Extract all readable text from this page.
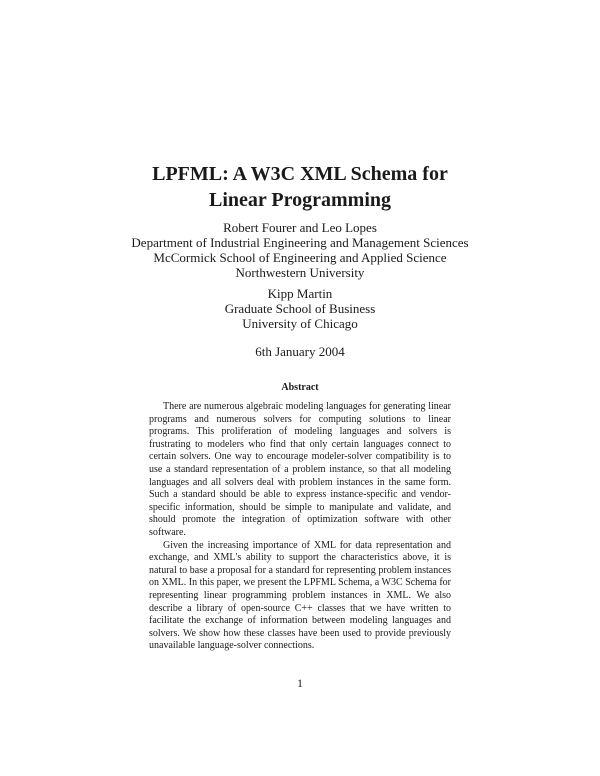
LPFML: A W3C XML Schema for
Linear Programming
Robert Fourer and Leo Lopes
Department of Industrial Engineering and Management Sciences
McCormick School of Engineering and Applied Science
Northwestern University
Kipp Martin
Graduate School of Business
University of Chicago
6th January 2004
Abstract

There are numerous algebraic modeling languages for generating linear programs and numerous solvers for computing solutions to linear programs. This proliferation of modeling languages and solvers is frustrating to modelers who find that only certain languages connect to certain solvers. One way to encourage modeler-solver compatibility is to use a standard representation of a problem instance, so that all modeling languages and all solvers deal with problem instances in the same form. Such a standard should be able to express instance-specific and vendor-specific information, should be simple to manipulate and validate, and should promote the integration of optimization software with other software.

Given the increasing importance of XML for data representation and exchange, and XML's ability to support the characteristics above, it is natural to base a proposal for a standard for representing problem instances on XML. In this paper, we present the LPFML Schema, a W3C Schema for representing linear programming problem instances in XML. We also describe a library of open-source C++ classes that we have written to facilitate the exchange of information between modeling languages and solvers. We show how these classes have been used to provide previously unavailable language-solver connections.

1
